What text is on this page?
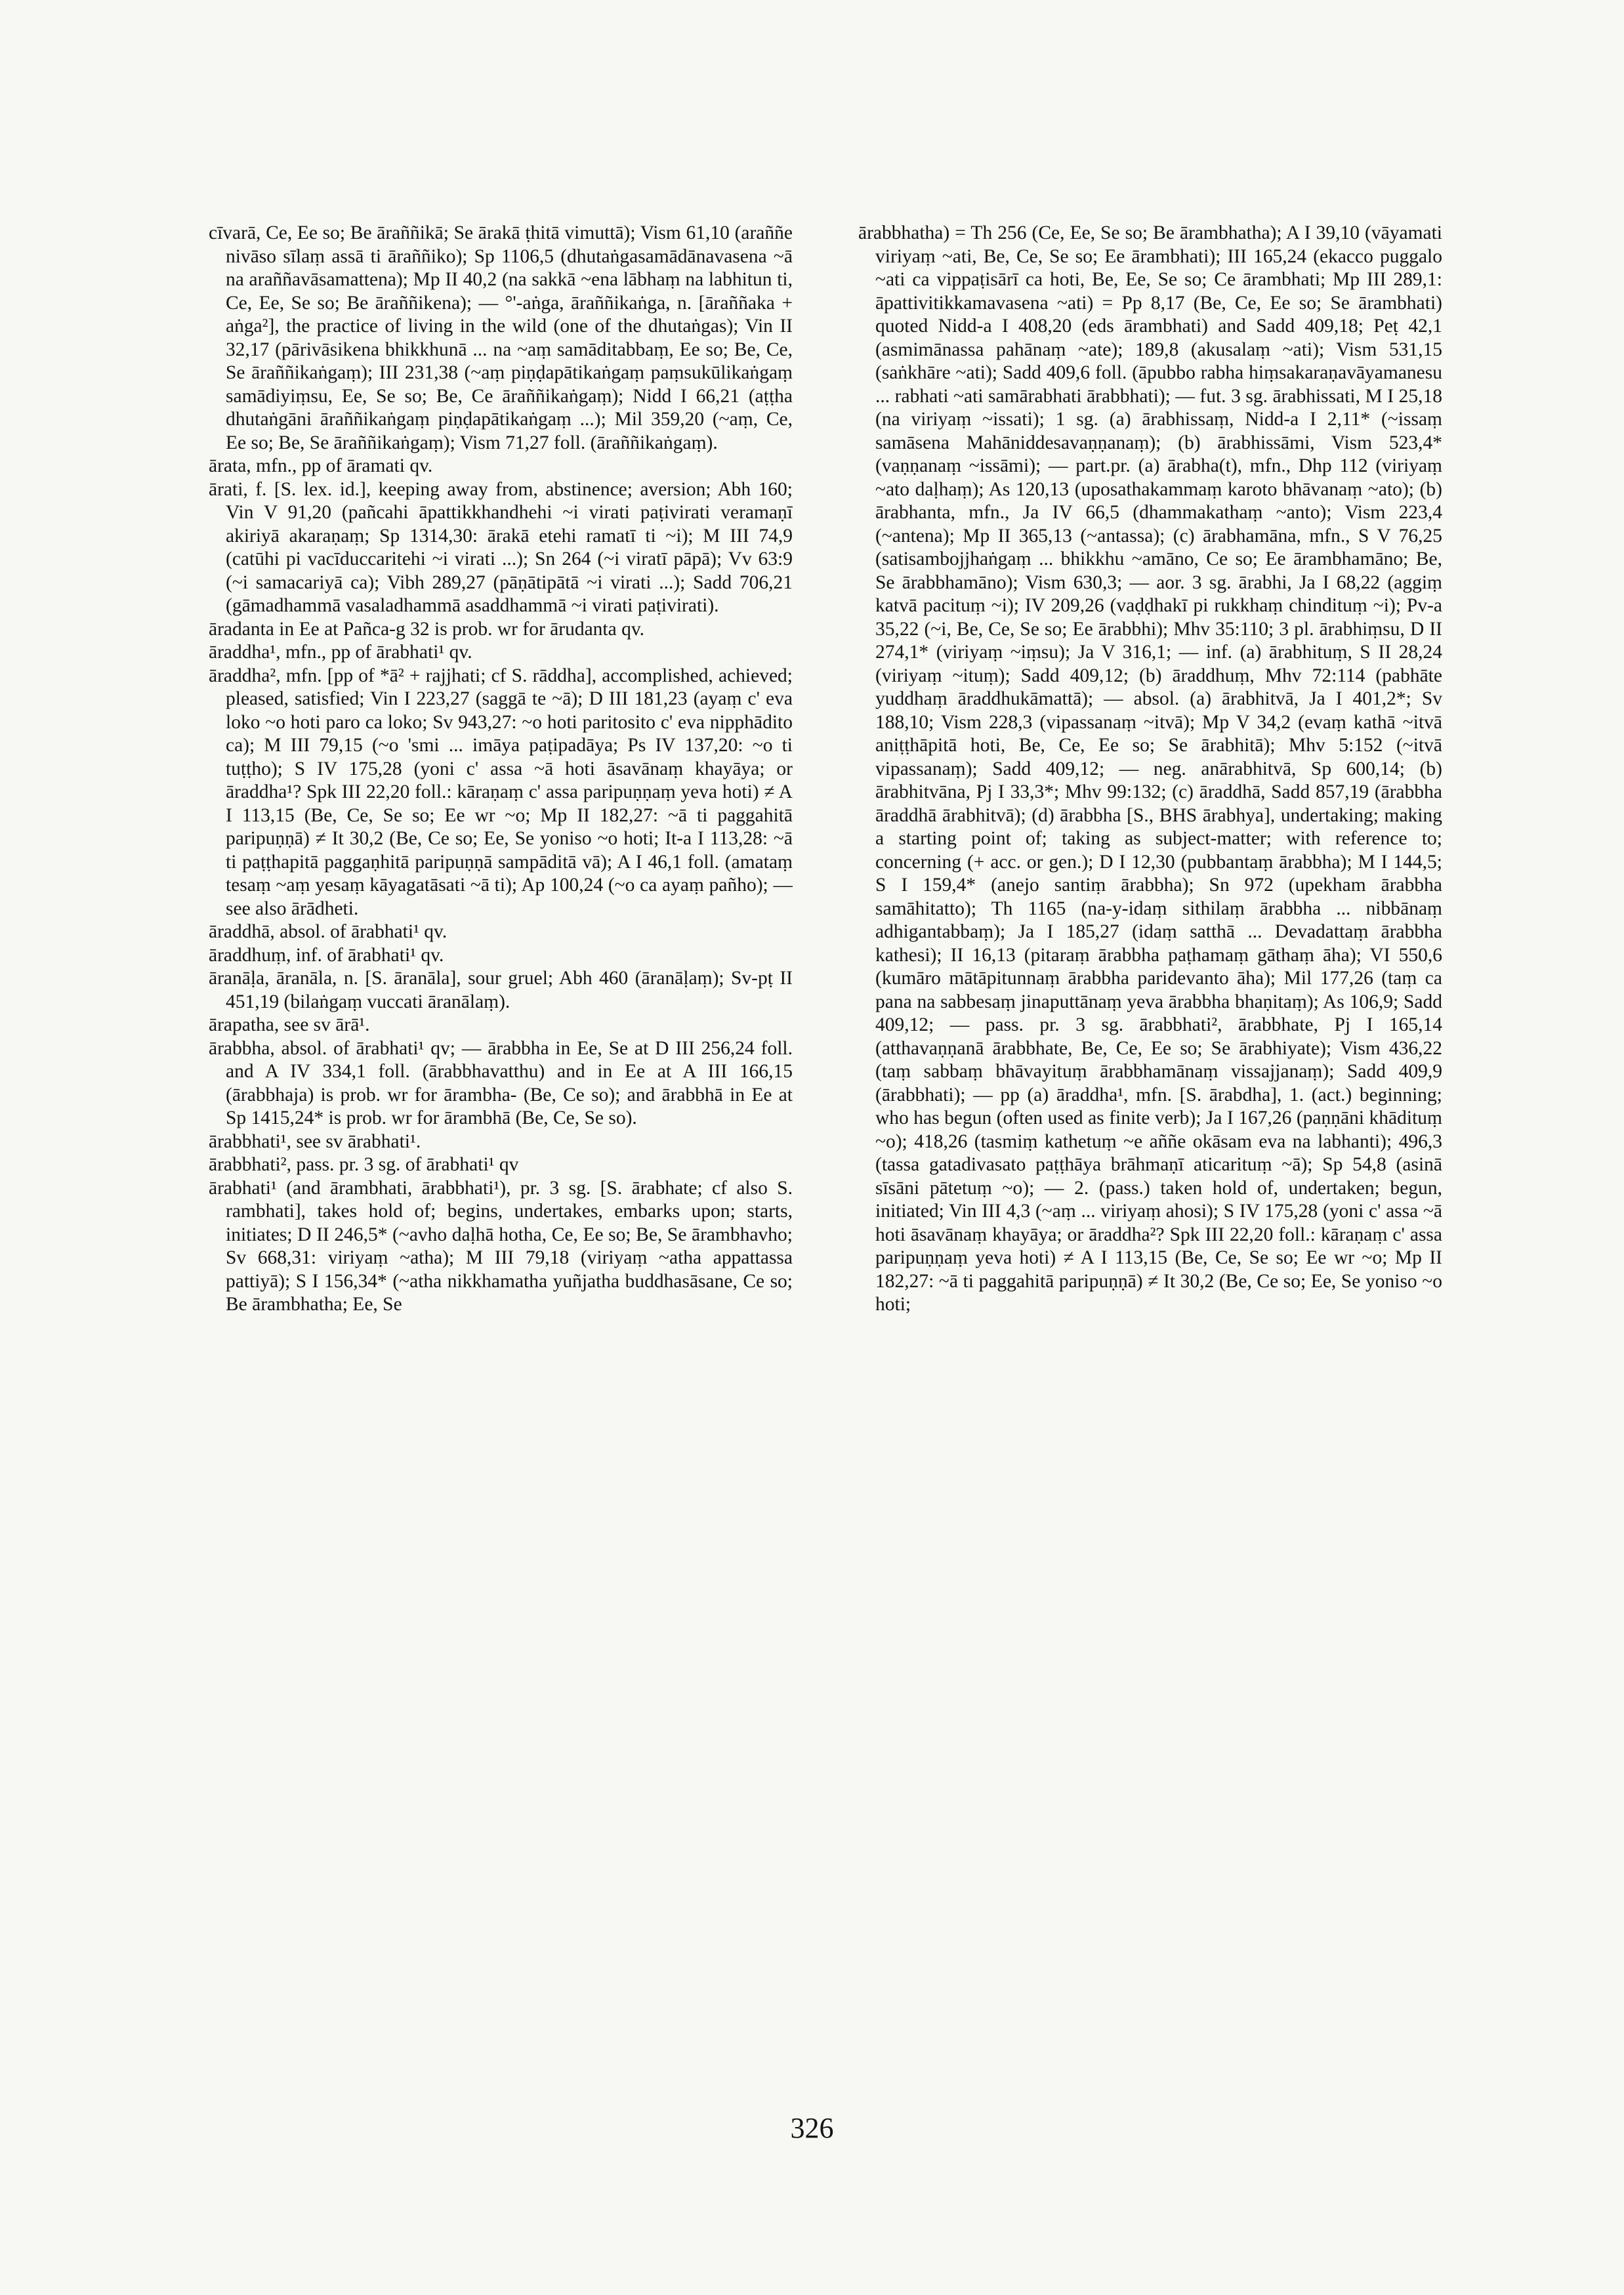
cīvarā, Ce, Ee so; Be āraññikā; Se ārakā ṭhitā vimuttā); Vism 61,10 (araññe nivāso sīlaṃ assā ti āraññiko); Sp 1106,5 (dhutaṅgasamādānavasena ~ā na araññavāsamattena); Mp II 40,2 (na sakkā ~ena lābhaṃ na labhitun ti, Ce, Ee, Se so; Be āraññikena); — °'-aṅga, āraññikaṅga, n. [āraññaka + aṅga²], the practice of living in the wild (one of the dhutaṅgas); Vin II 32,17 (pārivāsikena bhikkhunā ... na ~aṃ samāditabbaṃ, Ee so; Be, Ce, Se āraññikaṅgaṃ); III 231,38 (~aṃ piṇḍapātikaṅgaṃ paṃsukūlikaṅgaṃ samādiyiṃsu, Ee, Se so; Be, Ce āraññikaṅgaṃ); Nidd I 66,21 (aṭṭha dhutaṅgāni āraññikaṅgaṃ piṇḍapātikaṅgaṃ ...); Mil 359,20 (~aṃ, Ce, Ee so; Be, Se āraññikaṅgaṃ); Vism 71,27 foll. (āraññikaṅgaṃ).

ārata, mfn., pp of āramati qv.

ārati, f. [S. lex. id.], keeping away from, abstinence; aversion; Abh 160; Vin V 91,20 (pañcahi āpattikkhandhehi ~i virati paṭivirati veramaṇī akiriyā akaraṇaṃ; Sp 1314,30: ārakā etehi ramatī ti ~i); M III 74,9 (catūhi pi vacīduccaritehi ~i virati ...); Sn 264 (~i viratī pāpā); Vv 63:9 (~i samacariyā ca); Vibh 289,27 (pāṇātipātā ~i virati ...); Sadd 706,21 (gāmadhammā vasaladhammā asaddhammā ~i virati paṭivirati).

āradanta in Ee at Pañca-g 32 is prob. wr for ārudanta qv.

āraddha¹, mfn., pp of ārabhati¹ qv.

āraddha², mfn. [pp of *ā² + rajjhati; cf S. rāddha], accomplished, achieved; pleased, satisfied; Vin I 223,27 (saggā te ~ā); D III 181,23 (ayaṃ c' eva loko ~o hoti paro ca loko; Sv 943,27: ~o hoti paritosito c' eva nipphādito ca); M III 79,15 (~o 'smi ... imāya paṭipadāya; Ps IV 137,20: ~o ti tuṭṭho); S IV 175,28 (yoni c' assa ~ā hoti āsavānaṃ khayāya; or āraddha¹? Spk III 22,20 foll.: kāraṇaṃ c' assa paripuṇṇaṃ yeva hoti) ≠ A I 113,15 (Be, Ce, Se so; Ee wr ~o; Mp II 182,27: ~ā ti paggahitā paripuṇṇā) ≠ It 30,2 (Be, Ce so; Ee, Se yoniso ~o hoti; It-a I 113,28: ~ā ti paṭṭhapitā paggaṇhitā paripuṇṇā sampāditā vā); A I 46,1 foll. (amataṃ tesaṃ ~aṃ yesaṃ kāyagatāsati ~ā ti); Ap 100,24 (~o ca ayaṃ pañho); — see also ārādheti.

āraddhā, absol. of ārabhati¹ qv.

āraddhuṃ, inf. of ārabhati¹ qv.

āranāḷa, āranāla, n. [S. āranāla], sour gruel; Abh 460 (āranāḷaṃ); Sv-pṭ II 451,19 (bilaṅgaṃ vuccati āranālaṃ).

ārapatha, see sv ārā¹.

ārabbha, absol. of ārabhati¹ qv; — ārabbha in Ee, Se at D III 256,24 foll. and A IV 334,1 foll. (ārabbhavatthu) and in Ee at A III 166,15 (ārabbhaja) is prob. wr for ārambha- (Be, Ce so); and ārabbhā in Ee at Sp 1415,24* is prob. wr for ārambhā (Be, Ce, Se so).

ārabbhati¹, see sv ārabhati¹.

ārabbhati², pass. pr. 3 sg. of ārabhati¹ qv

ārabhati¹ (and ārambhati, ārabbhati¹), pr. 3 sg. [S. ārabhate; cf also S. rambhati], takes hold of; begins, undertakes, embarks upon; starts, initiates; D II 246,5* (~avho daḷhā hotha, Ce, Ee so; Be, Se ārambhavho; Sv 668,31: viriyaṃ ~atha); M III 79,18 (viriyaṃ ~atha appattassa pattiyā); S I 156,34* (~atha nikkhamatha yuñjatha buddhasāsane, Ce so; Be ārambhatha; Ee, Se

ārabbhatha) = Th 256 (Ce, Ee, Se so; Be ārambhatha); A I 39,10 (vāyamati viriyaṃ ~ati, Be, Ce, Se so; Ee ārambhati); III 165,24 (ekacco puggalo ~ati ca vippaṭisārī ca hoti, Be, Ee, Se so; Ce ārambhati; Mp III 289,1: āpattivitikkamavasena ~ati) = Pp 8,17 (Be, Ce, Ee so; Se ārambhati) quoted Nidd-a I 408,20 (eds ārambhati) and Sadd 409,18; Peṭ 42,1 (asmimānassa pahānaṃ ~ate); 189,8 (akusalaṃ ~ati); Vism 531,15 (saṅkhāre ~ati); Sadd 409,6 foll. (āpubbo rabha hiṃsakaraṇavāyamanesu ... rabhati ~ati samārabhati ārabbhati); — fut. 3 sg. ārabhissati, M I 25,18 (na viriyaṃ ~issati); 1 sg. (a) ārabhissaṃ, Nidd-a I 2,11* (~issaṃ samāsena Mahāniddesavaṇṇanaṃ); (b) ārabhissāmi, Vism 523,4* (vaṇṇanaṃ ~issāmi); — part.pr. (a) ārabha(t), mfn., Dhp 112 (viriyaṃ ~ato daḷhaṃ); As 120,13 (uposathakammaṃ karoto bhāvanaṃ ~ato); (b) ārabhanta, mfn., Ja IV 66,5 (dhammakathaṃ ~anto); Vism 223,4 (~antena); Mp II 365,13 (~antassa); (c) ārabhamāna, mfn., S V 76,25 (satisambojjhaṅgaṃ ... bhikkhu ~amāno, Ce so; Ee ārambhamāno; Be, Se ārabbhamāno); Vism 630,3; — aor. 3 sg. ārabhi, Ja I 68,22 (aggiṃ katvā pacituṃ ~i); IV 209,26 (vaḍḍhakī pi rukkhaṃ chindituṃ ~i); Pv-a 35,22 (~i, Be, Ce, Se so; Ee ārabbhi); Mhv 35:110; 3 pl. ārabhiṃsu, D II 274,1* (viriyaṃ ~iṃsu); Ja V 316,1; — inf. (a) ārabhituṃ, S II 28,24 (viriyaṃ ~ituṃ); Sadd 409,12; (b) āraddhuṃ, Mhv 72:114 (pabhāte yuddhaṃ āraddhukāmattā); — absol. (a) ārabhitvā, Ja I 401,2*; Sv 188,10; Vism 228,3 (vipassanaṃ ~itvā); Mp V 34,2 (evaṃ kathā ~itvā aniṭṭhāpitā hoti, Be, Ce, Ee so; Se ārabhitā); Mhv 5:152 (~itvā vipassanaṃ); Sadd 409,12; — neg. anārabhitvā, Sp 600,14; (b) ārabhitvāna, Pj I 33,3*; Mhv 99:132; (c) āraddhā, Sadd 857,19 (ārabbha āraddhā ārabhitvā); (d) ārabbha [S., BHS ārabhya], undertaking; making a starting point of; taking as subject-matter; with reference to; concerning (+ acc. or gen.); D I 12,30 (pubbantaṃ ārabbha); M I 144,5; S I 159,4* (anejo santiṃ ārabbha); Sn 972 (upekham ārabbha samāhitatto); Th 1165 (na-y-idaṃ sithilaṃ ārabbha ... nibbānaṃ adhigantabbaṃ); Ja I 185,27 (idaṃ satthā ... Devadattaṃ ārabbha kathesi); II 16,13 (pitaraṃ ārabbha paṭhamaṃ gāthaṃ āha); VI 550,6 (kumāro mātāpitunnaṃ ārabbha paridevanto āha); Mil 177,26 (taṃ ca pana na sabbesaṃ jinaputtānaṃ yeva ārabbha bhaṇitaṃ); As 106,9; Sadd 409,12; — pass. pr. 3 sg. ārabbhati², ārabbhate, Pj I 165,14 (atthavaṇṇanā ārabbhate, Be, Ce, Ee so; Se ārabhiyate); Vism 436,22 (taṃ sabbaṃ bhāvayituṃ ārabbhamānaṃ vissajjanaṃ); Sadd 409,9 (ārabbhati); — pp (a) āraddha¹, mfn. [S. ārabdha], 1. (act.) beginning; who has begun (often used as finite verb); Ja I 167,26 (paṇṇāni khādituṃ ~o); 418,26 (tasmiṃ kathetuṃ ~e aññe okāsam eva na labhanti); 496,3 (tassa gatadivasato paṭṭhāya brāhmaṇī aticarituṃ ~ā); Sp 54,8 (asinā sīsāni pātetuṃ ~o); — 2. (pass.) taken hold of, undertaken; begun, initiated; Vin III 4,3 (~aṃ ... viriyaṃ ahosi); S IV 175,28 (yoni c' assa ~ā hoti āsavānaṃ khayāya; or āraddha²? Spk III 22,20 foll.: kāraṇaṃ c' assa paripuṇṇaṃ yeva hoti) ≠ A I 113,15 (Be, Ce, Se so; Ee wr ~o; Mp II 182,27: ~ā ti paggahitā paripuṇṇā) ≠ It 30,2 (Be, Ce so; Ee, Se yoniso ~o hoti;

326
